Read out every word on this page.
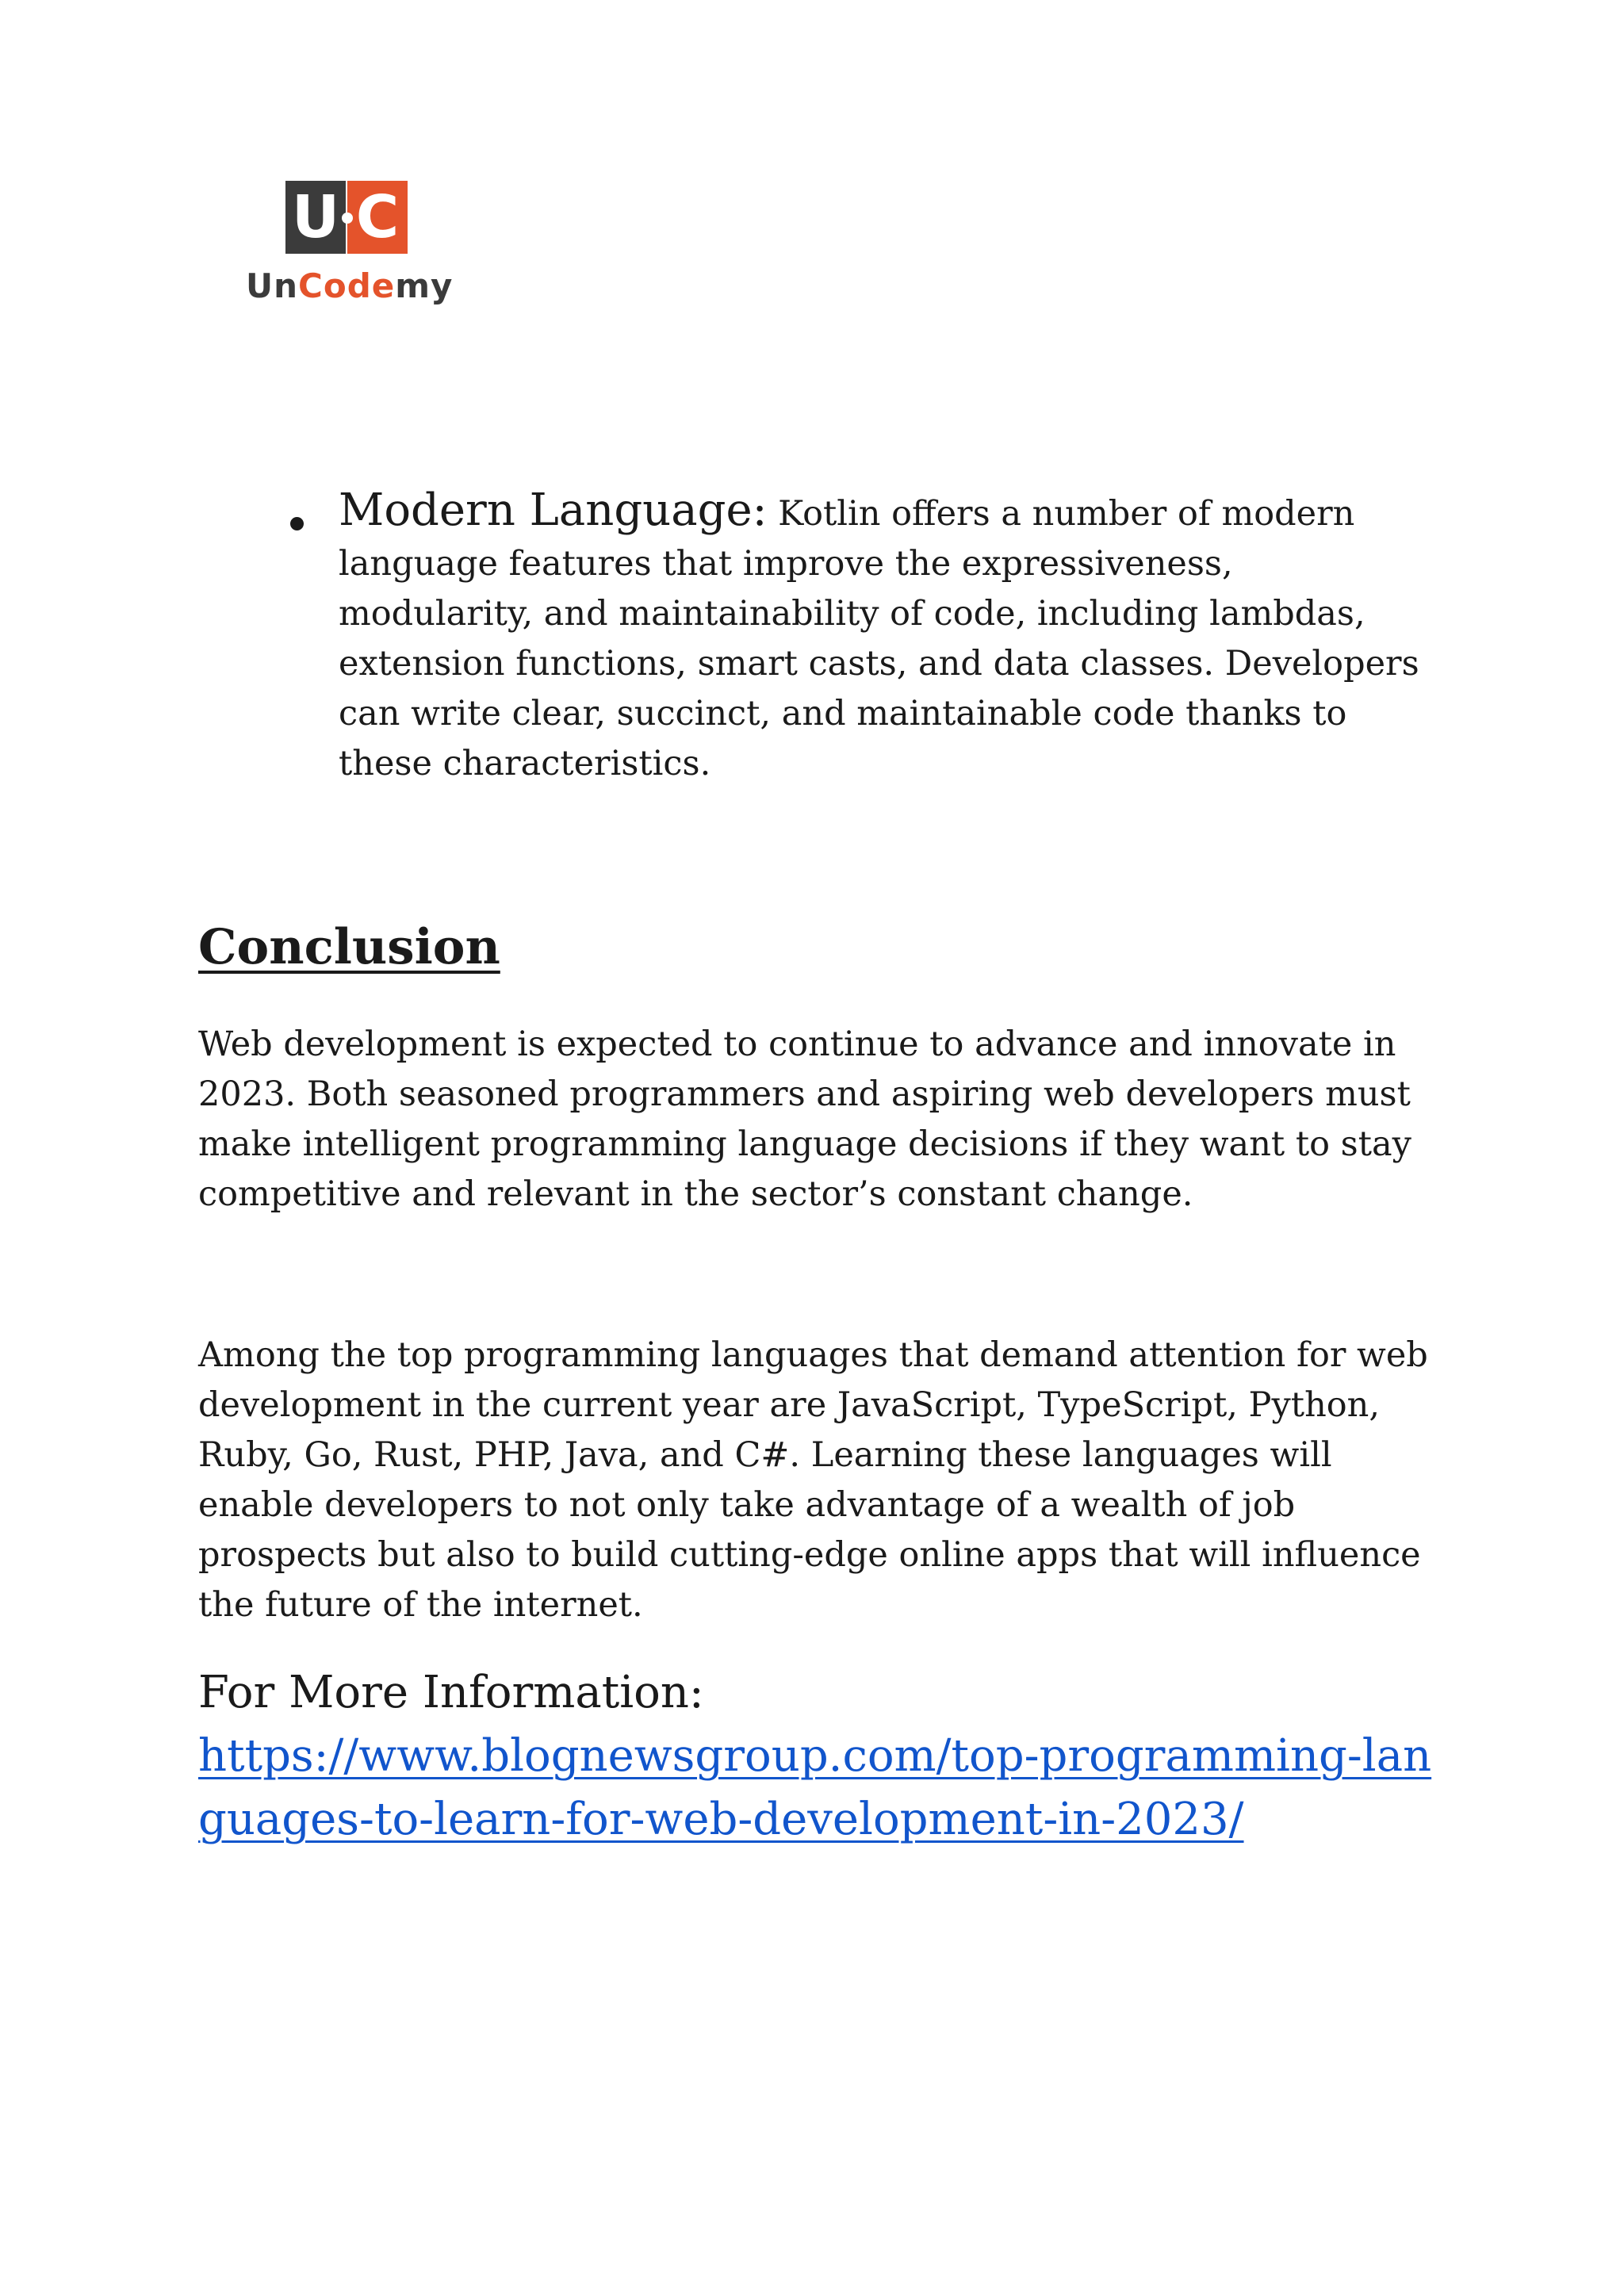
U C
UnCodemy
Modern Language: Kotlin offers a number of modern language features that improve the expressiveness, modularity, and maintainability of code, including lambdas, extension functions, smart casts, and data classes. Developers can write clear, succinct, and maintainable code thanks to these characteristics.
Conclusion

Web development is expected to continue to advance and innovate in 2023. Both seasoned programmers and aspiring web developers must make intelligent programming language decisions if they want to stay competitive and relevant in the sector’s constant change.

Among the top programming languages that demand attention for web development in the current year are JavaScript, TypeScript, Python, Ruby, Go, Rust, PHP, Java, and C#. Learning these languages will enable developers to not only take advantage of a wealth of job prospects but also to build cutting-edge online apps that will influence the future of the internet.

For More Information:
https://www.blognewsgroup.com/top-programming-languages-to-learn-for-web-development-in-2023/
